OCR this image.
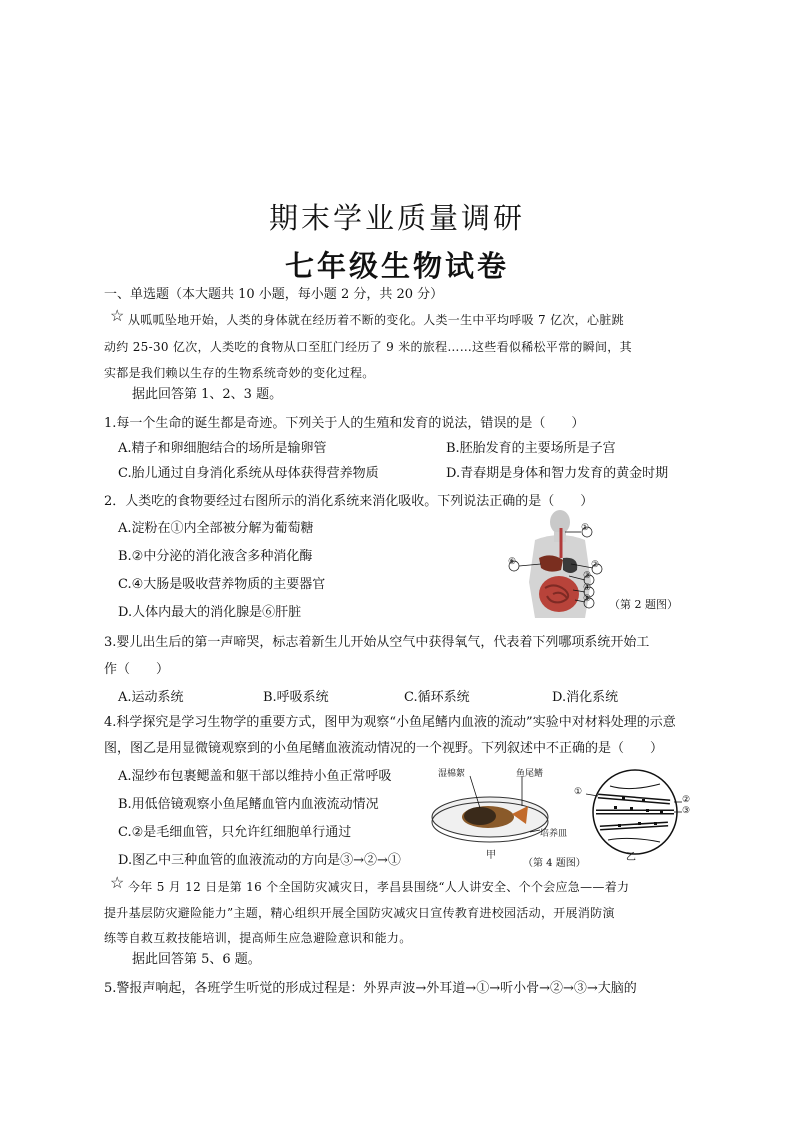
期末学业质量调研
七年级生物试卷
一、单选题（本大题共 10 小题，每小题 2 分，共 20 分）
☆ 从呱呱坠地开始，人类的身体就在经历着不断的变化。人类一生中平均呼吸 7 亿次，心脏跳
动约 25-30 亿次，人类吃的食物从口至肛门经历了 9 米的旅程……这些看似稀松平常的瞬间，其
实都是我们赖以生存的生物系统奇妙的变化过程。
据此回答第 1、2、3 题。
1.每一个生命的诞生都是奇迹。下列关于人的生殖和发育的说法，错误的是（　　）
A.精子和卵细胞结合的场所是输卵管	B.胚胎发育的主要场所是子宫
C.胎儿通过自身消化系统从母体获得营养物质	D.青春期是身体和智力发育的黄金时期
2．人类吃的食物要经过右图所示的消化系统来消化吸收。下列说法正确的是（　　）
A.淀粉在①内全部被分解为葡萄糖
B.②中分泌的消化液含多种消化酶
C.④大肠是吸收营养物质的主要器官
D.人体内最大的消化腺是⑥肝脏
①
②
③
④
⑤
⑥
（第 2 题图）
3.婴儿出生后的第一声啼哭，标志着新生儿开始从空气中获得氧气，代表着下列哪项系统开始工
作（　　）
A.运动系统	B.呼吸系统	C.循环系统	D.消化系统
4.科学探究是学习生物学的重要方式，图甲为观察“小鱼尾鳍内血液的流动”实验中对材料处理的示意
图，图乙是用显微镜观察到的小鱼尾鳍血液流动情况的一个视野。下列叙述中不正确的是（　　）
A.湿纱布包裹鳃盖和躯干部以维持小鱼正常呼吸
B.用低倍镜观察小鱼尾鳍血管内血液流动情况
C.②是毛细血管，只允许红细胞单行通过
D.图乙中三种血管的血液流动的方向是③→②→①
湿棉絮	鱼尾鳍
培养皿
甲
（第 4 题图）
乙
①
②
③
☆ 今年 5 月 12 日是第 16 个全国防灾减灾日，孝昌县围绕“人人讲安全、个个会应急——着力
提升基层防灾避险能力”主题，精心组织开展全国防灾减灾日宣传教育进校园活动，开展消防演
练等自救互救技能培训，提高师生应急避险意识和能力。
据此回答第 5、6 题。
5.警报声响起，各班学生听觉的形成过程是：外界声波→外耳道→①→听小骨→②→③→大脑的
